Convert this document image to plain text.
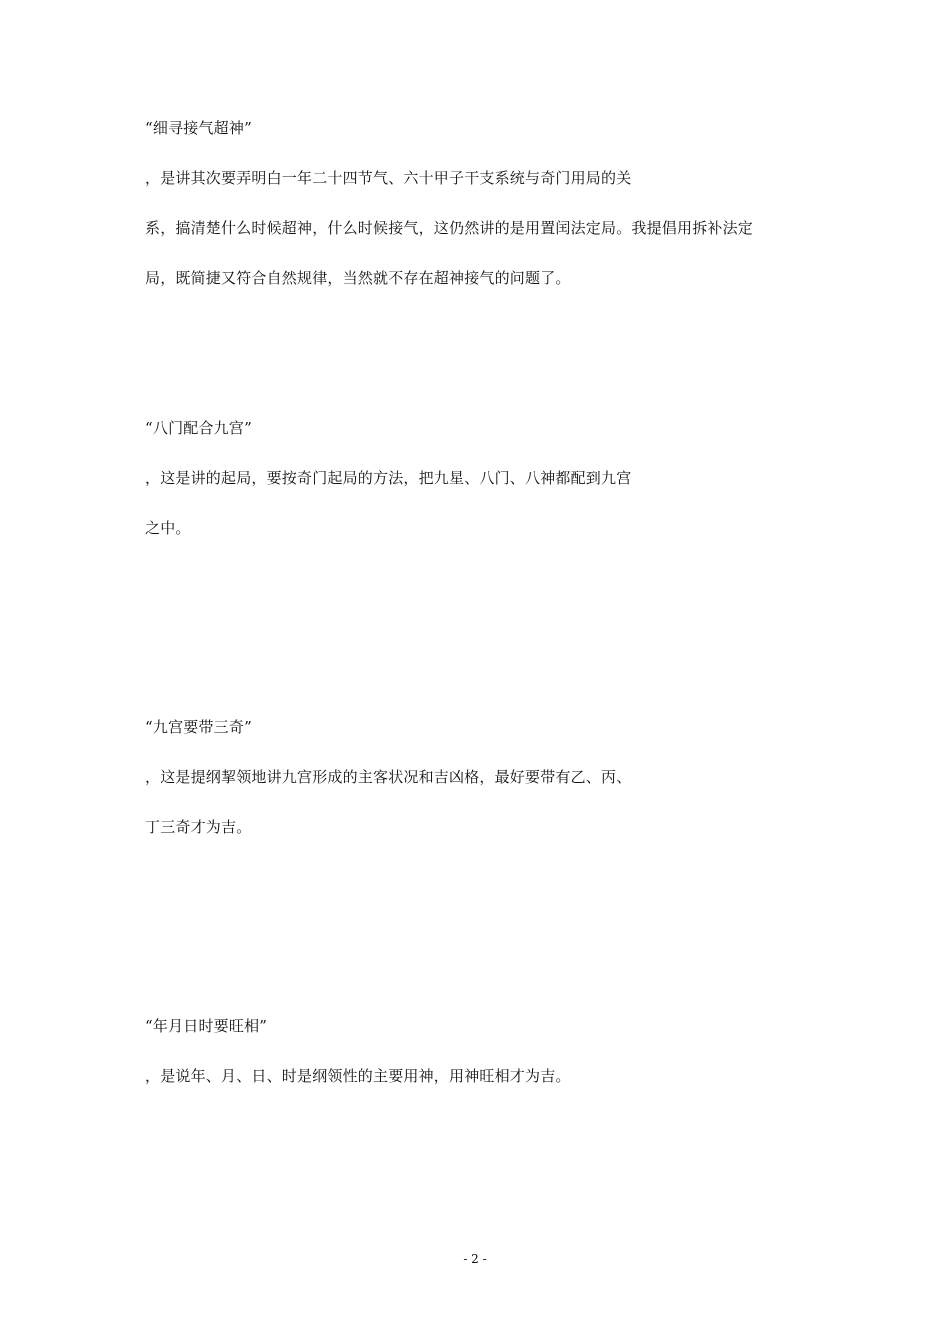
“细寻接气超神”
，是讲其次要弄明白一年二十四节气、六十甲子干支系统与奇门用局的关
系，搞清楚什么时候超神，什么时候接气，这仍然讲的是用置闰法定局。我提倡用拆补法定
局，既简捷又符合自然规律，当然就不存在超神接气的问题了。
“八门配合九宫”
，这是讲的起局，要按奇门起局的方法，把九星、八门、八神都配到九宫
之中。
“九宫要带三奇”
，这是提纲挈领地讲九宫形成的主客状况和吉凶格，最好要带有乙、丙、
丁三奇才为吉。
“年月日时要旺相”
，是说年、月、日、时是纲领性的主要用神，用神旺相才为吉。
- 2 -
